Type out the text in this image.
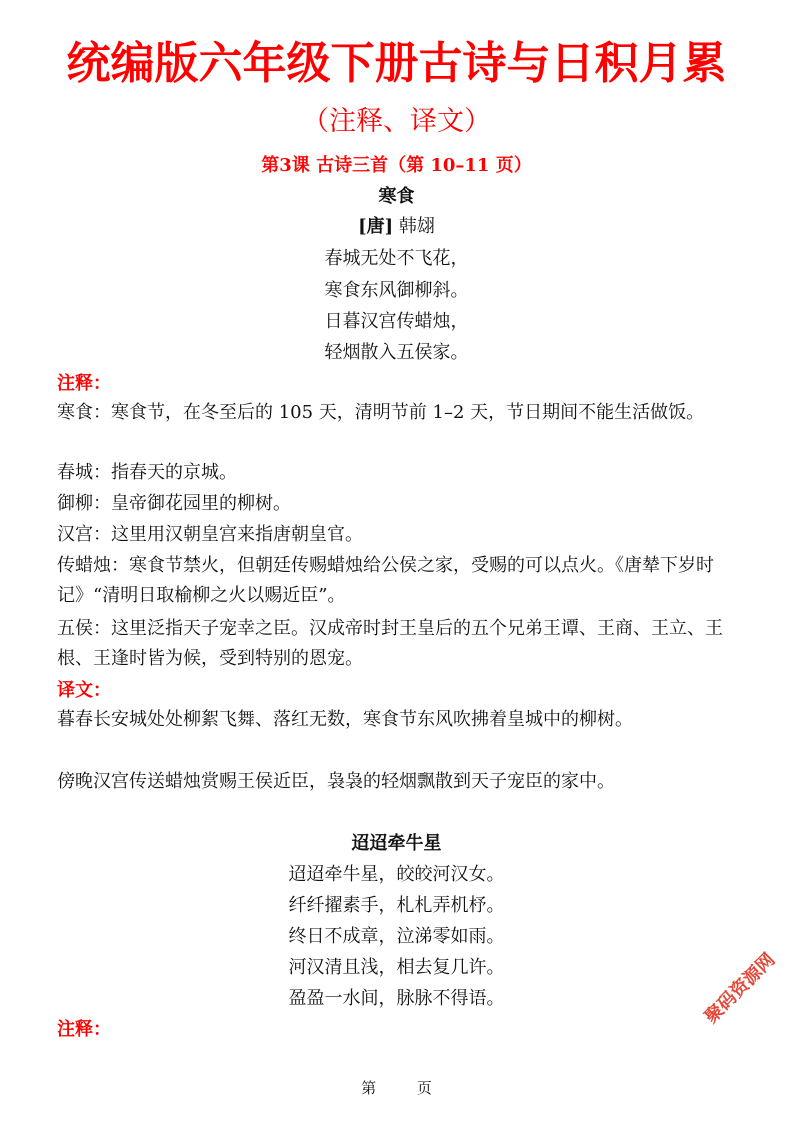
统编版六年级下册古诗与日积月累
（注释、译文）
第3课 古诗三首（第 10–11 页）
寒食
[唐] 韩翃
春城无处不飞花，
寒食东风御柳斜。
日暮汉宫传蜡烛，
轻烟散入五侯家。
注释：

寒食：寒食节，在冬至后的 105 天，清明节前 1–2 天，节日期间不能生活做饭。

春城：指春天的京城。

御柳：皇帝御花园里的柳树。

汉宫：这里用汉朝皇宫来指唐朝皇官。

传蜡烛：寒食节禁火，但朝廷传赐蜡烛给公侯之家，受赐的可以点火。《唐辇下岁时记》“清明日取榆柳之火以赐近臣”。

五侯：这里泛指天子宠幸之臣。汉成帝时封王皇后的五个兄弟王谭、王商、王立、王根、王逢时皆为候，受到特别的恩宠。

译文：

暮春长安城处处柳絮飞舞、落红无数，寒食节东风吹拂着皇城中的柳树。

傍晚汉宫传送蜡烛赏赐王侯近臣，袅袅的轻烟飘散到天子宠臣的家中。

迢迢牵牛星
迢迢牵牛星，皎皎河汉女。
纤纤擢素手，札札弄机杼。
终日不成章，泣涕零如雨。
河汉清且浅，相去复几许。
盈盈一水间，脉脉不得语。
注释：
聚码资源网
第	页
